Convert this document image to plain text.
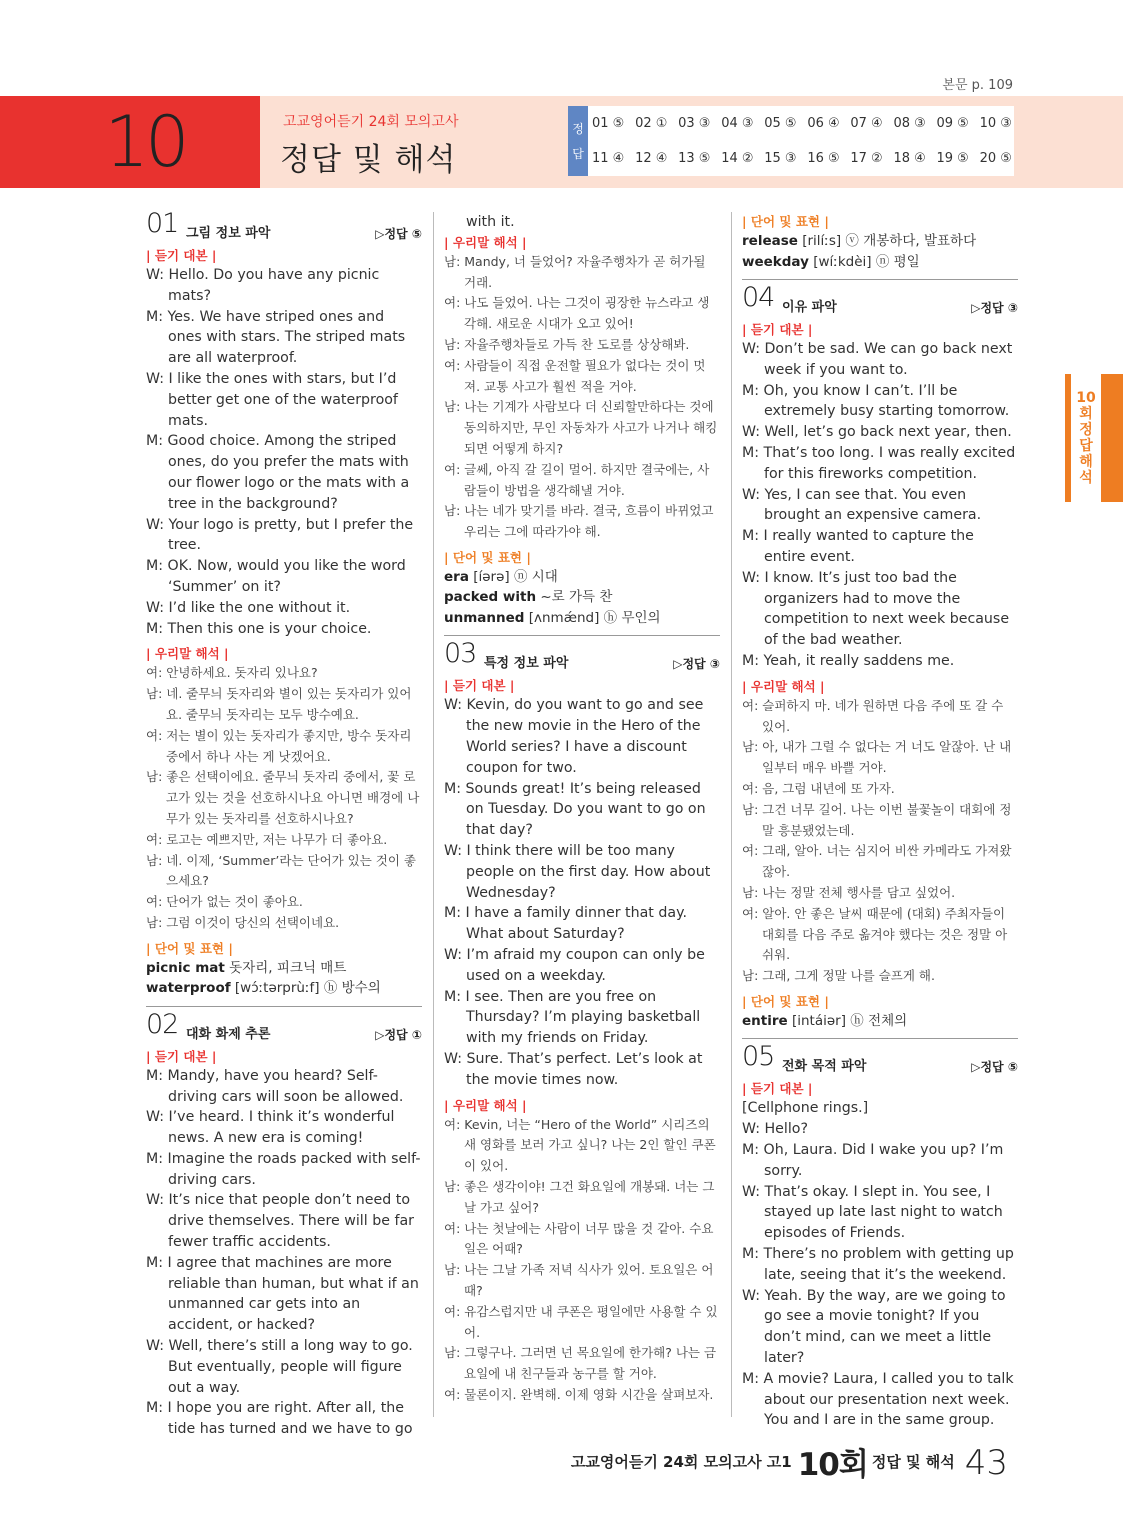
본문 p. 109
10	고교영어듣기 24회 모의고사
정답 및 해석
정
답
01 ⑤ 02 ① 03 ③ 04 ③ 05 ⑤ 06 ④ 07 ④ 08 ③ 09 ⑤ 10 ③
11 ④ 12 ④ 13 ⑤ 14 ② 15 ③ 16 ⑤ 17 ② 18 ④ 19 ⑤ 20 ⑤
01 그림 정보 파악	▷정답 ⑤
| 듣기 대본 |
W: Hello. Do you have any picnic mats?
M: Yes. We have striped ones and ones with stars. The striped mats are all waterproof.
W: I like the ones with stars, but I’d better get one of the waterproof mats.
M: Good choice. Among the striped ones, do you prefer the mats with our flower logo or the mats with a tree in the background?
W: Your logo is pretty, but I prefer the tree.
M: OK. Now, would you like the word ‘Summer’ on it?
W: I’d like the one without it.
M: Then this one is your choice.
| 우리말 해석 |
여: 안녕하세요. 돗자리 있나요?
남: 네. 줄무늬 돗자리와 별이 있는 돗자리가 있어요. 줄무늬 돗자리는 모두 방수예요.
여: 저는 별이 있는 돗자리가 좋지만, 방수 돗자리 중에서 하나 사는 게 낫겠어요.
남: 좋은 선택이에요. 줄무늬 돗자리 중에서, 꽃 로고가 있는 것을 선호하시나요 아니면 배경에 나무가 있는 돗자리를 선호하시나요?
여: 로고는 예쁘지만, 저는 나무가 더 좋아요.
남: 네. 이제, ‘Summer’라는 단어가 있는 것이 좋으세요?
여: 단어가 없는 것이 좋아요.
남: 그럼 이것이 당신의 선택이네요.
| 단어 및 표현 |
picnic mat 돗자리, 피크닉 매트
waterproof [wɔ́ːtərprùːf] ⓗ 방수의
02 대화 화제 추론	▷정답 ①
| 듣기 대본 |
M: Mandy, have you heard? Self-driving cars will soon be allowed.
W: I’ve heard. I think it’s wonderful news. A new era is coming!
M: Imagine the roads packed with self-driving cars.
W: It’s nice that people don’t need to drive themselves. There will be far fewer traffic accidents.
M: I agree that machines are more reliable than human, but what if an unmanned car gets into an accident, or hacked?
W: Well, there’s still a long way to go. But eventually, people will figure out a way.
M: I hope you are right. After all, the tide has turned and we have to go
with it.
| 우리말 해석 |
남: Mandy, 너 들었어? 자율주행차가 곧 허가될 거래.
여: 나도 들었어. 나는 그것이 굉장한 뉴스라고 생각해. 새로운 시대가 오고 있어!
남: 자율주행차들로 가득 찬 도로를 상상해봐.
여: 사람들이 직접 운전할 필요가 없다는 것이 멋져. 교통 사고가 훨씬 적을 거야.
남: 나는 기계가 사람보다 더 신뢰할만하다는 것에 동의하지만, 무인 자동차가 사고가 나거나 해킹되면 어떻게 하지?
여: 글쎄, 아직 갈 길이 멀어. 하지만 결국에는, 사람들이 방법을 생각해낼 거야.
남: 나는 네가 맞기를 바라. 결국, 흐름이 바뀌었고 우리는 그에 따라가야 해.
| 단어 및 표현 |
era [íərə] ⓝ 시대
packed with ~로 가득 찬
unmanned [ʌnmǽnd] ⓗ 무인의
03 특정 정보 파악	▷정답 ③
| 듣기 대본 |
W: Kevin, do you want to go and see the new movie in the Hero of the World series? I have a discount coupon for two.
M: Sounds great! It’s being released on Tuesday. Do you want to go on that day?
W: I think there will be too many people on the first day. How about Wednesday?
M: I have a family dinner that day. What about Saturday?
W: I’m afraid my coupon can only be used on a weekday.
M: I see. Then are you free on Thursday? I’m playing basketball with my friends on Friday.
W: Sure. That’s perfect. Let’s look at the movie times now.
| 우리말 해석 |
여: Kevin, 너는 “Hero of the World” 시리즈의 새 영화를 보러 가고 싶니? 나는 2인 할인 쿠폰이 있어.
남: 좋은 생각이야! 그건 화요일에 개봉돼. 너는 그 날 가고 싶어?
여: 나는 첫날에는 사람이 너무 많을 것 같아. 수요일은 어때?
남: 나는 그날 가족 저녁 식사가 있어. 토요일은 어때?
여: 유감스럽지만 내 쿠폰은 평일에만 사용할 수 있어.
남: 그렇구나. 그러면 넌 목요일에 한가해? 나는 금요일에 내 친구들과 농구를 할 거야.
여: 물론이지. 완벽해. 이제 영화 시간을 살펴보자.
| 단어 및 표현 |
release [rilíːs] ⓥ 개봉하다, 발표하다
weekday [wíːkdèi] ⓝ 평일
04 이유 파악	▷정답 ③
| 듣기 대본 |
W: Don’t be sad. We can go back next week if you want to.
M: Oh, you know I can’t. I’ll be extremely busy starting tomorrow.
W: Well, let’s go back next year, then.
M: That’s too long. I was really excited for this fireworks competition.
W: Yes, I can see that. You even brought an expensive camera.
M: I really wanted to capture the entire event.
W: I know. It’s just too bad the organizers had to move the competition to next week because of the bad weather.
M: Yeah, it really saddens me.
| 우리말 해석 |
여: 슬퍼하지 마. 네가 원하면 다음 주에 또 갈 수 있어.
남: 아, 내가 그럴 수 없다는 거 너도 알잖아. 난 내일부터 매우 바쁠 거야.
여: 음, 그럼 내년에 또 가자.
남: 그건 너무 길어. 나는 이번 불꽃놀이 대회에 정말 흥분됐었는데.
여: 그래, 알아. 너는 심지어 비싼 카메라도 가져왔잖아.
남: 나는 정말 전체 행사를 담고 싶었어.
여: 알아. 안 좋은 날씨 때문에 (대회) 주최자들이 대회를 다음 주로 옮겨야 했다는 것은 정말 아쉬워.
남: 그래, 그게 정말 나를 슬프게 해.
| 단어 및 표현 |
entire [intáiər] ⓗ 전체의
05 전화 목적 파악	▷정답 ⑤
| 듣기 대본 |
[Cellphone rings.]
W: Hello?
M: Oh, Laura. Did I wake you up? I’m sorry.
W: That’s okay. I slept in. You see, I stayed up late last night to watch episodes of Friends.
M: There’s no problem with getting up late, seeing that it’s the weekend.
W: Yeah. By the way, are we going to go see a movie tonight? If you don’t mind, can we meet a little later?
M: A movie? Laura, I called you to talk about our presentation next week. You and I are in the same group.
10
회
정
답
해
석
고교영어듣기 24회 모의고사 고1 10회 정답 및 해석 43
